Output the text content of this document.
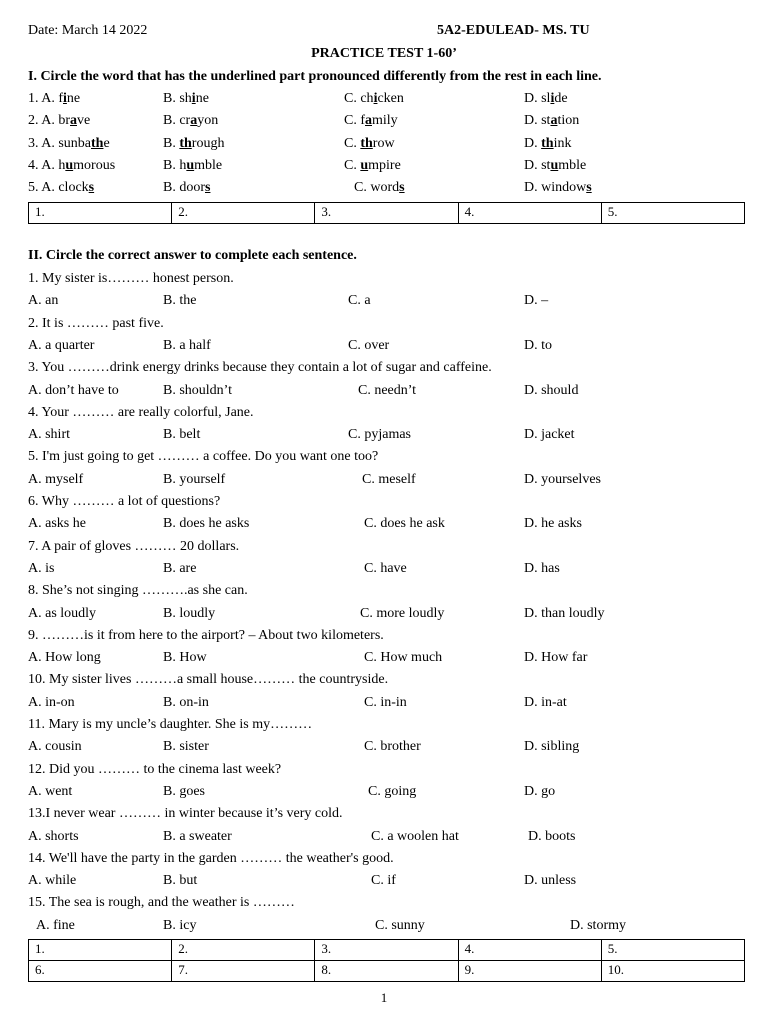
Date: March 14 2022	5A2-EDULEAD- MS. TU
PRACTICE TEST 1-60’
I. Circle the word that has the underlined part pronounced differently from the rest in each line.
1. A. fine	B. shine	C. chicken	D. slide
2. A. brave	B. crayon	C. family	D. station
3. A. sunbathe	B. through	C. throw	D. think
4. A. humorous	B. humble	C. umpire	D. stumble
5. A. clocks	B. doors	C. words	D. windows
1.	2.	3.	4.	5.
II. Circle the correct answer to complete each sentence.
1. My sister is……… honest person.
A. an	B. the	C. a	D. –
2. It is ……… past five.
A. a quarter	B. a half	C. over	D. to
3. You ………drink energy drinks because they contain a lot of sugar and caffeine.
A. don’t have to	B. shouldn’t	C. needn’t	D. should
4. Your ……… are really colorful, Jane.
A. shirt	B. belt	C. pyjamas	D. jacket
5. I'm just going to get ……… a coffee. Do you want one too?
A. myself	B. yourself	C. meself	D. yourselves
6. Why ……… a lot of questions?
A. asks he	B. does he asks	C. does he ask	D. he asks
7. A pair of gloves ……… 20 dollars.
A. is	B. are	C. have	D. has
8. She’s not singing ……….as she can.
A. as loudly	B. loudly	C. more loudly	D. than loudly
9. ………is it from here to the airport? – About two kilometers.
A. How long	B. How	C. How much	D. How far
10. My sister lives ………a small house……… the countryside.
A. in-on	B. on-in	C. in-in	D. in-at
11. Mary is my uncle’s daughter. She is my………
A. cousin	B. sister	C. brother	D. sibling
12. Did you ……… to the cinema last week?
A. went	B. goes	C. going	D. go
13.I never wear ……… in winter because it’s very cold.
A. shorts	B. a sweater	C. a woolen hat	D. boots
14. We'll have the party in the garden ……… the weather's good.
A. while	B. but	C. if	D. unless
15. The sea is rough, and the weather is ………
A. fine	B. icy	C. sunny	D. stormy
1.	2.	3.	4.	5.
6.	7.	8.	9.	10.
1
